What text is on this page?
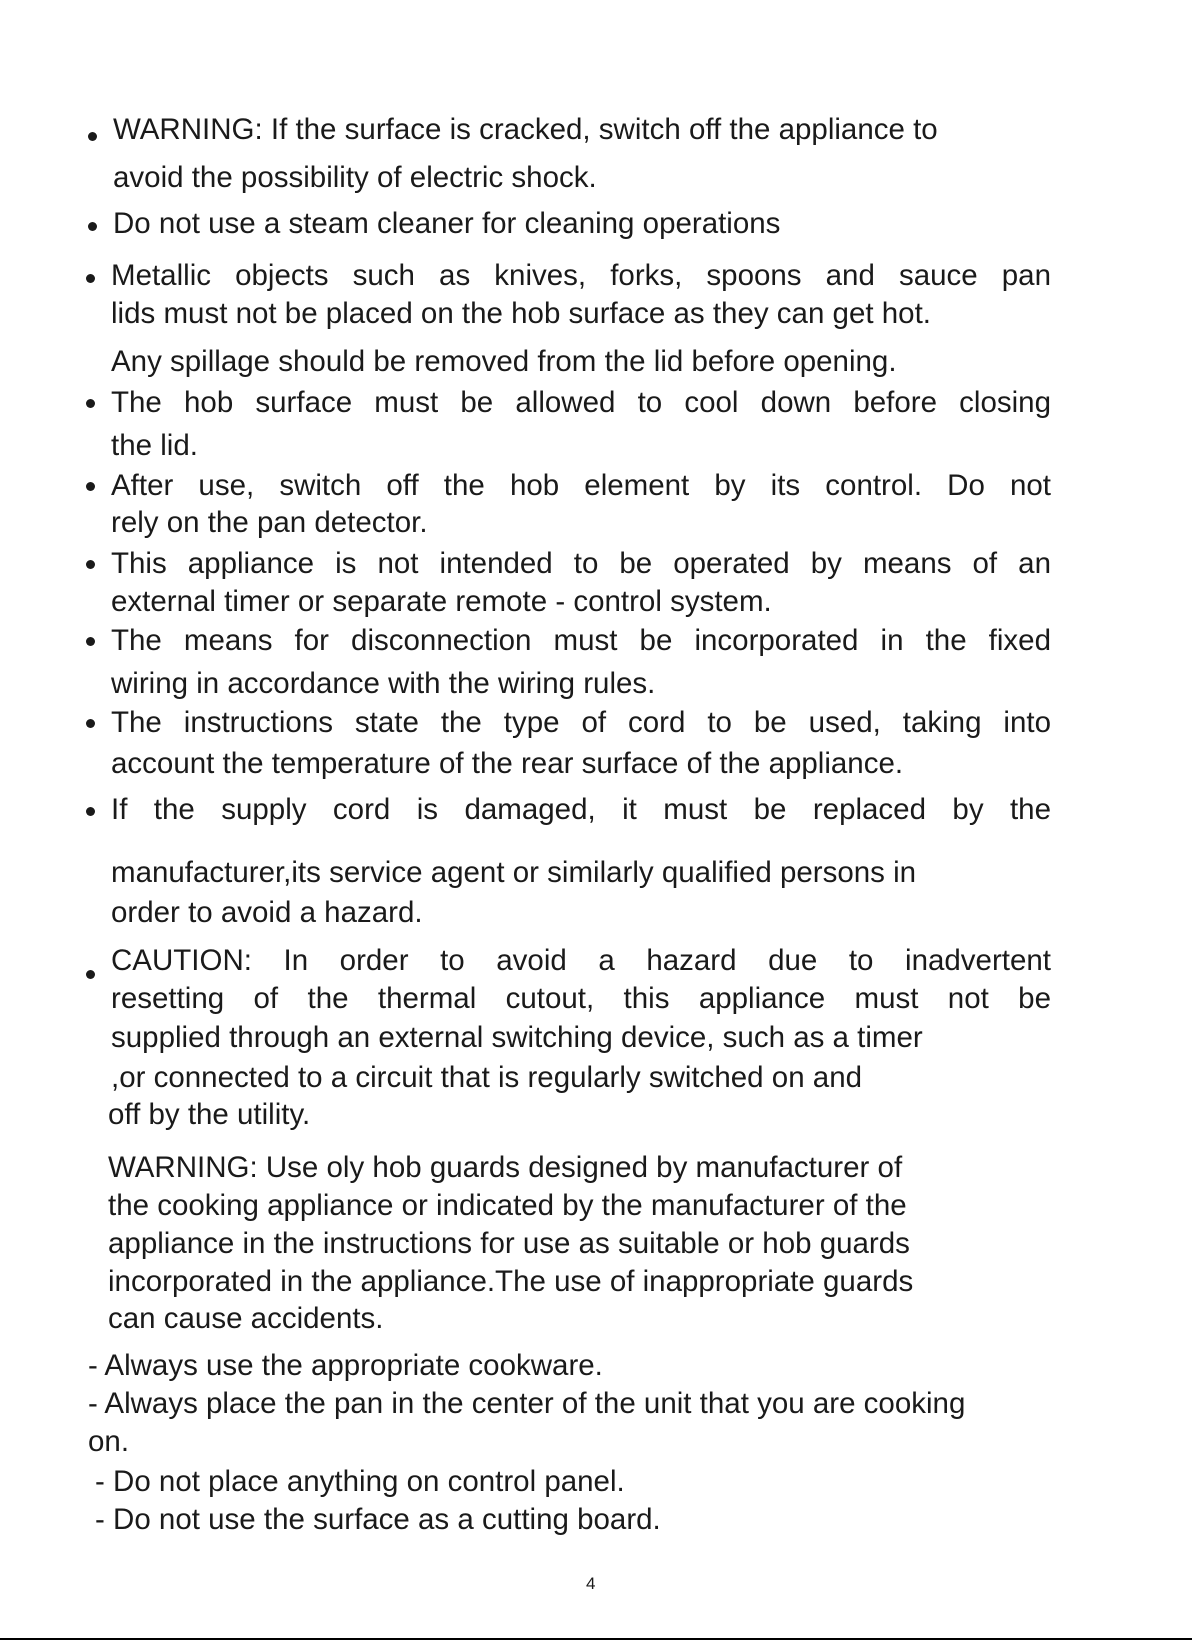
WARNING: If the surface is cracked, switch off the appliance to

avoid the possibility of electric shock.

Do not use a steam cleaner for cleaning operations

Metallic objects such as knives, forks, spoons and sauce pan

lids must not be placed on the hob surface as they can get hot.

Any spillage should be removed from the lid before opening.

The hob surface must be allowed to cool down before closing

the lid.

After use, switch off the hob element by its control. Do not

rely on the pan detector.

This appliance is not intended to be operated by means of an

external timer or separate remote - control system.

The means for disconnection must be incorporated in the fixed

wiring in accordance with the wiring rules.

The instructions state the type of cord to be used, taking into

account the temperature of the rear surface of the appliance.

If the supply cord is damaged, it must be replaced by the

manufacturer,its service agent or similarly qualified persons in

order to avoid a hazard.

CAUTION: In order to avoid a hazard due to inadvertent

resetting of the thermal cutout, this appliance must not be

supplied through an external switching device, such as a timer

,or connected to a circuit that is regularly switched on and

off by the utility.

WARNING: Use oly hob guards designed by manufacturer of

the cooking appliance or indicated by the manufacturer of the

appliance in the instructions for use as suitable or hob guards

incorporated in the appliance.The use of inappropriate guards

can cause accidents.

- Always use the appropriate cookware.

- Always place the pan in the center of the unit that you are cooking

on.

- Do not place anything on control panel.

- Do not use the surface as a cutting board.

4
